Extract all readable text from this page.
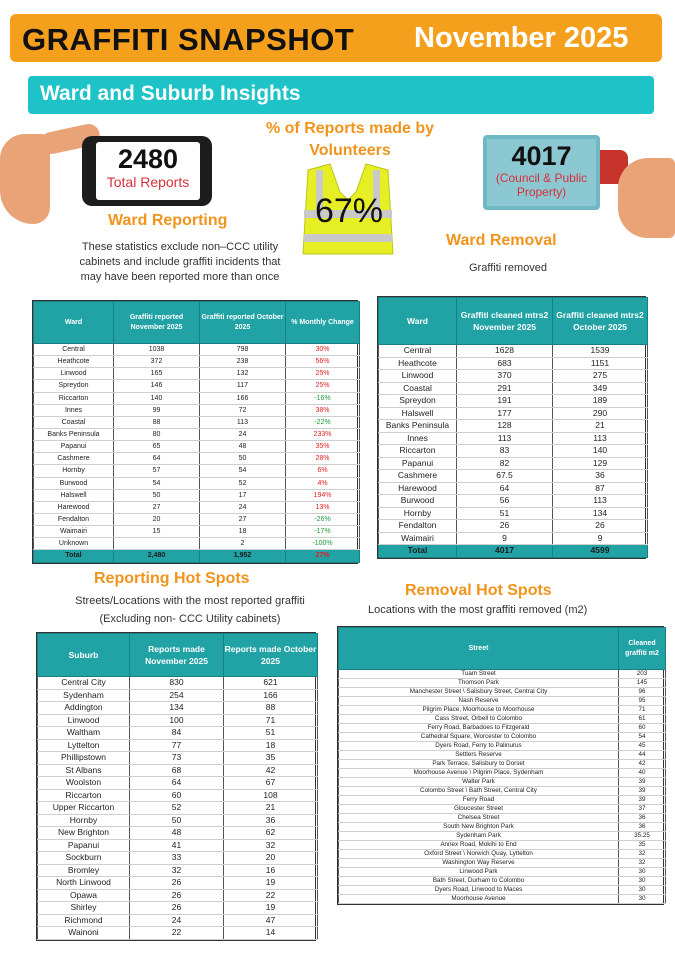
GRAFFITI SNAPSHOT November 2025
Ward and Suburb Insights
2480
Total Reports
% of Reports made by
Volunteers
67%
4017
(Council & Public
Property)
Ward Reporting
These statistics exclude non–CCC utility
cabinets and include graffiti incidents that
may have been reported more than once
Ward Removal
Graffiti removed
Ward	Graffiti reported November 2025	Graffiti reported October 2025	% Monthly Change
Central	1038	798	30%
Heathcote	372	238	56%
Linwood	165	132	25%
Spreydon	146	117	25%
Riccarton	140	166	-16%
Innes	99	72	38%
Coastal	88	113	-22%
Banks Peninsula	80	24	233%
Papanui	65	48	35%
Cashmere	64	50	28%
Hornby	57	54	6%
Burwood	54	52	4%
Halswell	50	17	194%
Harewood	27	24	13%
Fendalton	20	27	-26%
Waimairi	15	18	-17%
Unknown		2	-100%
Total	2,480	1,952	27%
Ward	Graffiti cleaned mtrs2 November 2025	Graffiti cleaned mtrs2 October 2025
Central	1628	1539
Heathcote	683	1151
Linwood	370	275
Coastal	291	349
Spreydon	191	189
Halswell	177	290
Banks Peninsula	128	21
Innes	113	113
Riccarton	83	140
Papanui	82	129
Cashmere	67.5	36
Harewood	64	87
Burwood	56	113
Hornby	51	134
Fendalton	26	26
Waimairi	9	9
Total	4017	4599
Reporting Hot Spots
Streets/Locations with the most reported graffiti
(Excluding non- CCC Utility cabinets)
Removal Hot Spots
Locations with the most graffiti removed (m2)
Suburb	Reports made November 2025	Reports made October 2025
Central City	830	621
Sydenham	254	166
Addington	134	88
Linwood	100	71
Waltham	84	51
Lyttelton	77	18
Phillipstown	73	35
St Albans	68	42
Woolston	64	67
Riccarton	60	108
Upper Riccarton	52	21
Hornby	50	36
New Brighton	48	62
Papanui	41	32
Sockburn	33	20
Bromley	32	16
North Linwood	26	19
Opawa	26	22
Shirley	26	19
Richmond	24	47
Wainoni	22	14
Street	Cleaned graffiti m2
Tuam Street	203
Thomson Park	145
Manchester Street \ Salisbury Street, Central City	96
Nash Reserve	95
Pilgrim Place, Moorhouse to Moorhouse	71
Cass Street, Orbell to Colombo	61
Ferry Road, Barbadoes to Fitzgerald	60
Cathedral Square, Worcester to Colombo	54
Dyers Road, Ferry to Palinurus	45
Settlers Reserve	44
Park Terrace, Salisbury to Dorset	42
Moorhouse Avenue \ Pilgrim Place, Sydenham	40
Walter Park	39
Colombo Street \ Bath Street, Central City	39
Ferry Road	39
Gloucester Street	37
Chelsea Street	36
South New Brighton Park	36
Sydenham Park	35.25
Annex Road, Mokihi to End	35
Oxford Street \ Norwich Quay, Lyttelton	32
Washington Way Reserve	32
Linwood Park	30
Bath Street, Durham to Colombo	30
Dyers Road, Linwood to Maces	30
Moorhouse Avenue	30
